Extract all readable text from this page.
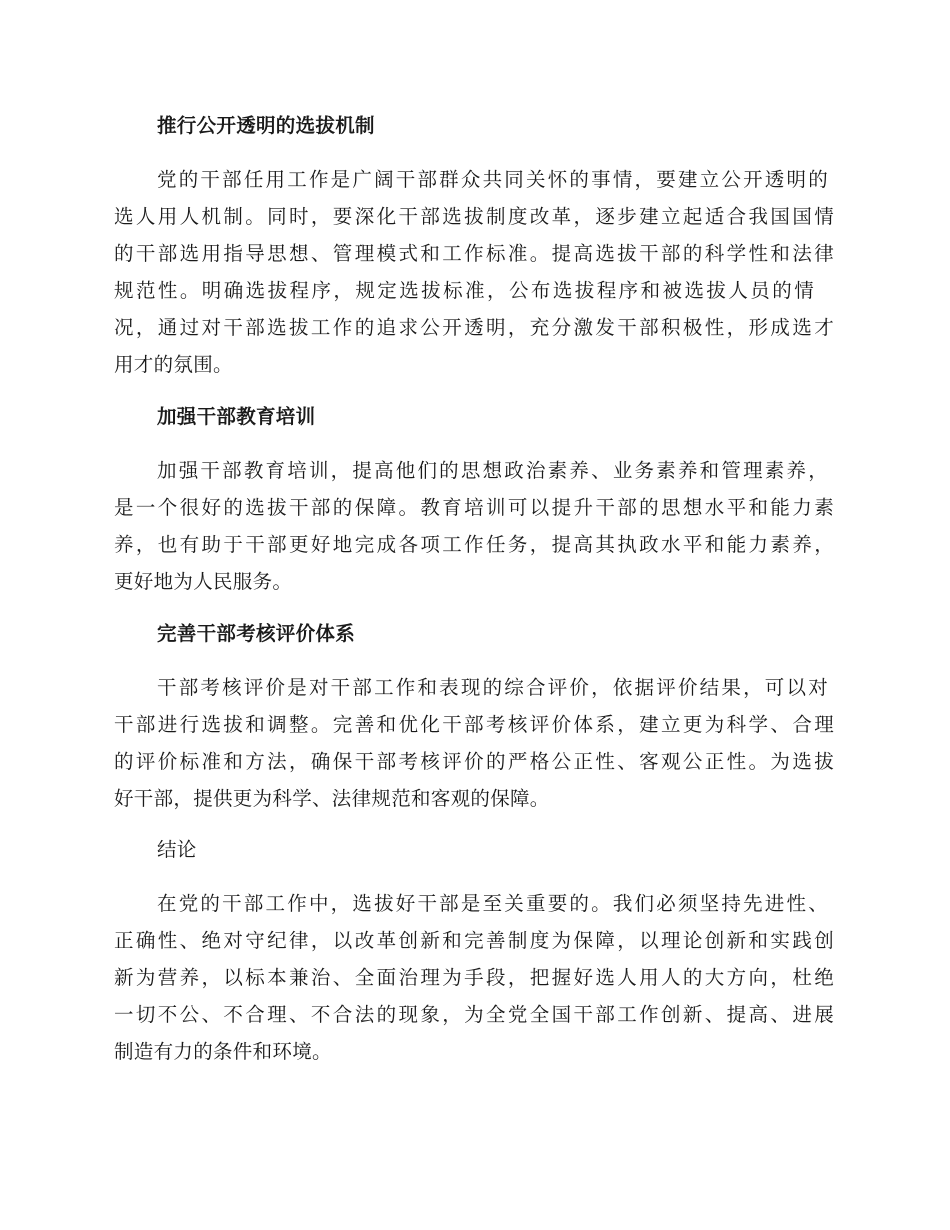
推行公开透明的选拔机制
党的干部任用工作是广阔干部群众共同关怀的事情，要建立公开透明的
选人用人机制。同时，要深化干部选拔制度改革，逐步建立起适合我国国情
的干部选用指导思想、管理模式和工作标准。提高选拔干部的科学性和法律
规范性。明确选拔程序，规定选拔标准，公布选拔程序和被选拔人员的情
况，通过对干部选拔工作的追求公开透明，充分激发干部积极性，形成选才
用才的氛围。
加强干部教育培训
加强干部教育培训，提高他们的思想政治素养、业务素养和管理素养，
是一个很好的选拔干部的保障。教育培训可以提升干部的思想水平和能力素
养，也有助于干部更好地完成各项工作任务，提高其执政水平和能力素养，
更好地为人民服务。
完善干部考核评价体系
干部考核评价是对干部工作和表现的综合评价，依据评价结果，可以对
干部进行选拔和调整。完善和优化干部考核评价体系，建立更为科学、合理
的评价标准和方法，确保干部考核评价的严格公正性、客观公正性。为选拔
好干部，提供更为科学、法律规范和客观的保障。
结论
在党的干部工作中，选拔好干部是至关重要的。我们必须坚持先进性、
正确性、绝对守纪律，以改革创新和完善制度为保障，以理论创新和实践创
新为营养，以标本兼治、全面治理为手段，把握好选人用人的大方向，杜绝
一切不公、不合理、不合法的现象，为全党全国干部工作创新、提高、进展
制造有力的条件和环境。
